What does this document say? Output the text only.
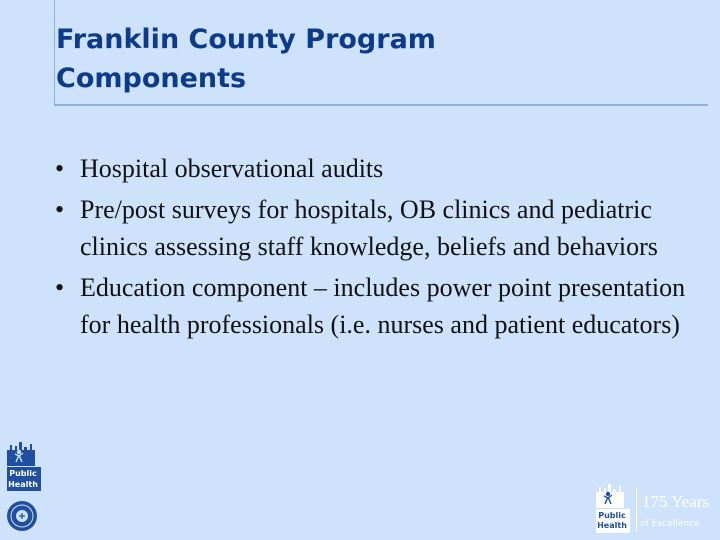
Franklin County Program
Components
• Hospital observational audits
• Pre/post surveys for hospitals, OB clinics and pediatric clinics assessing staff knowledge, beliefs and behaviors
• Education component – includes power point presentation for health professionals (i.e. nurses and patient educators)
Public
Health
Public
Health
175 Years
of Excellence
